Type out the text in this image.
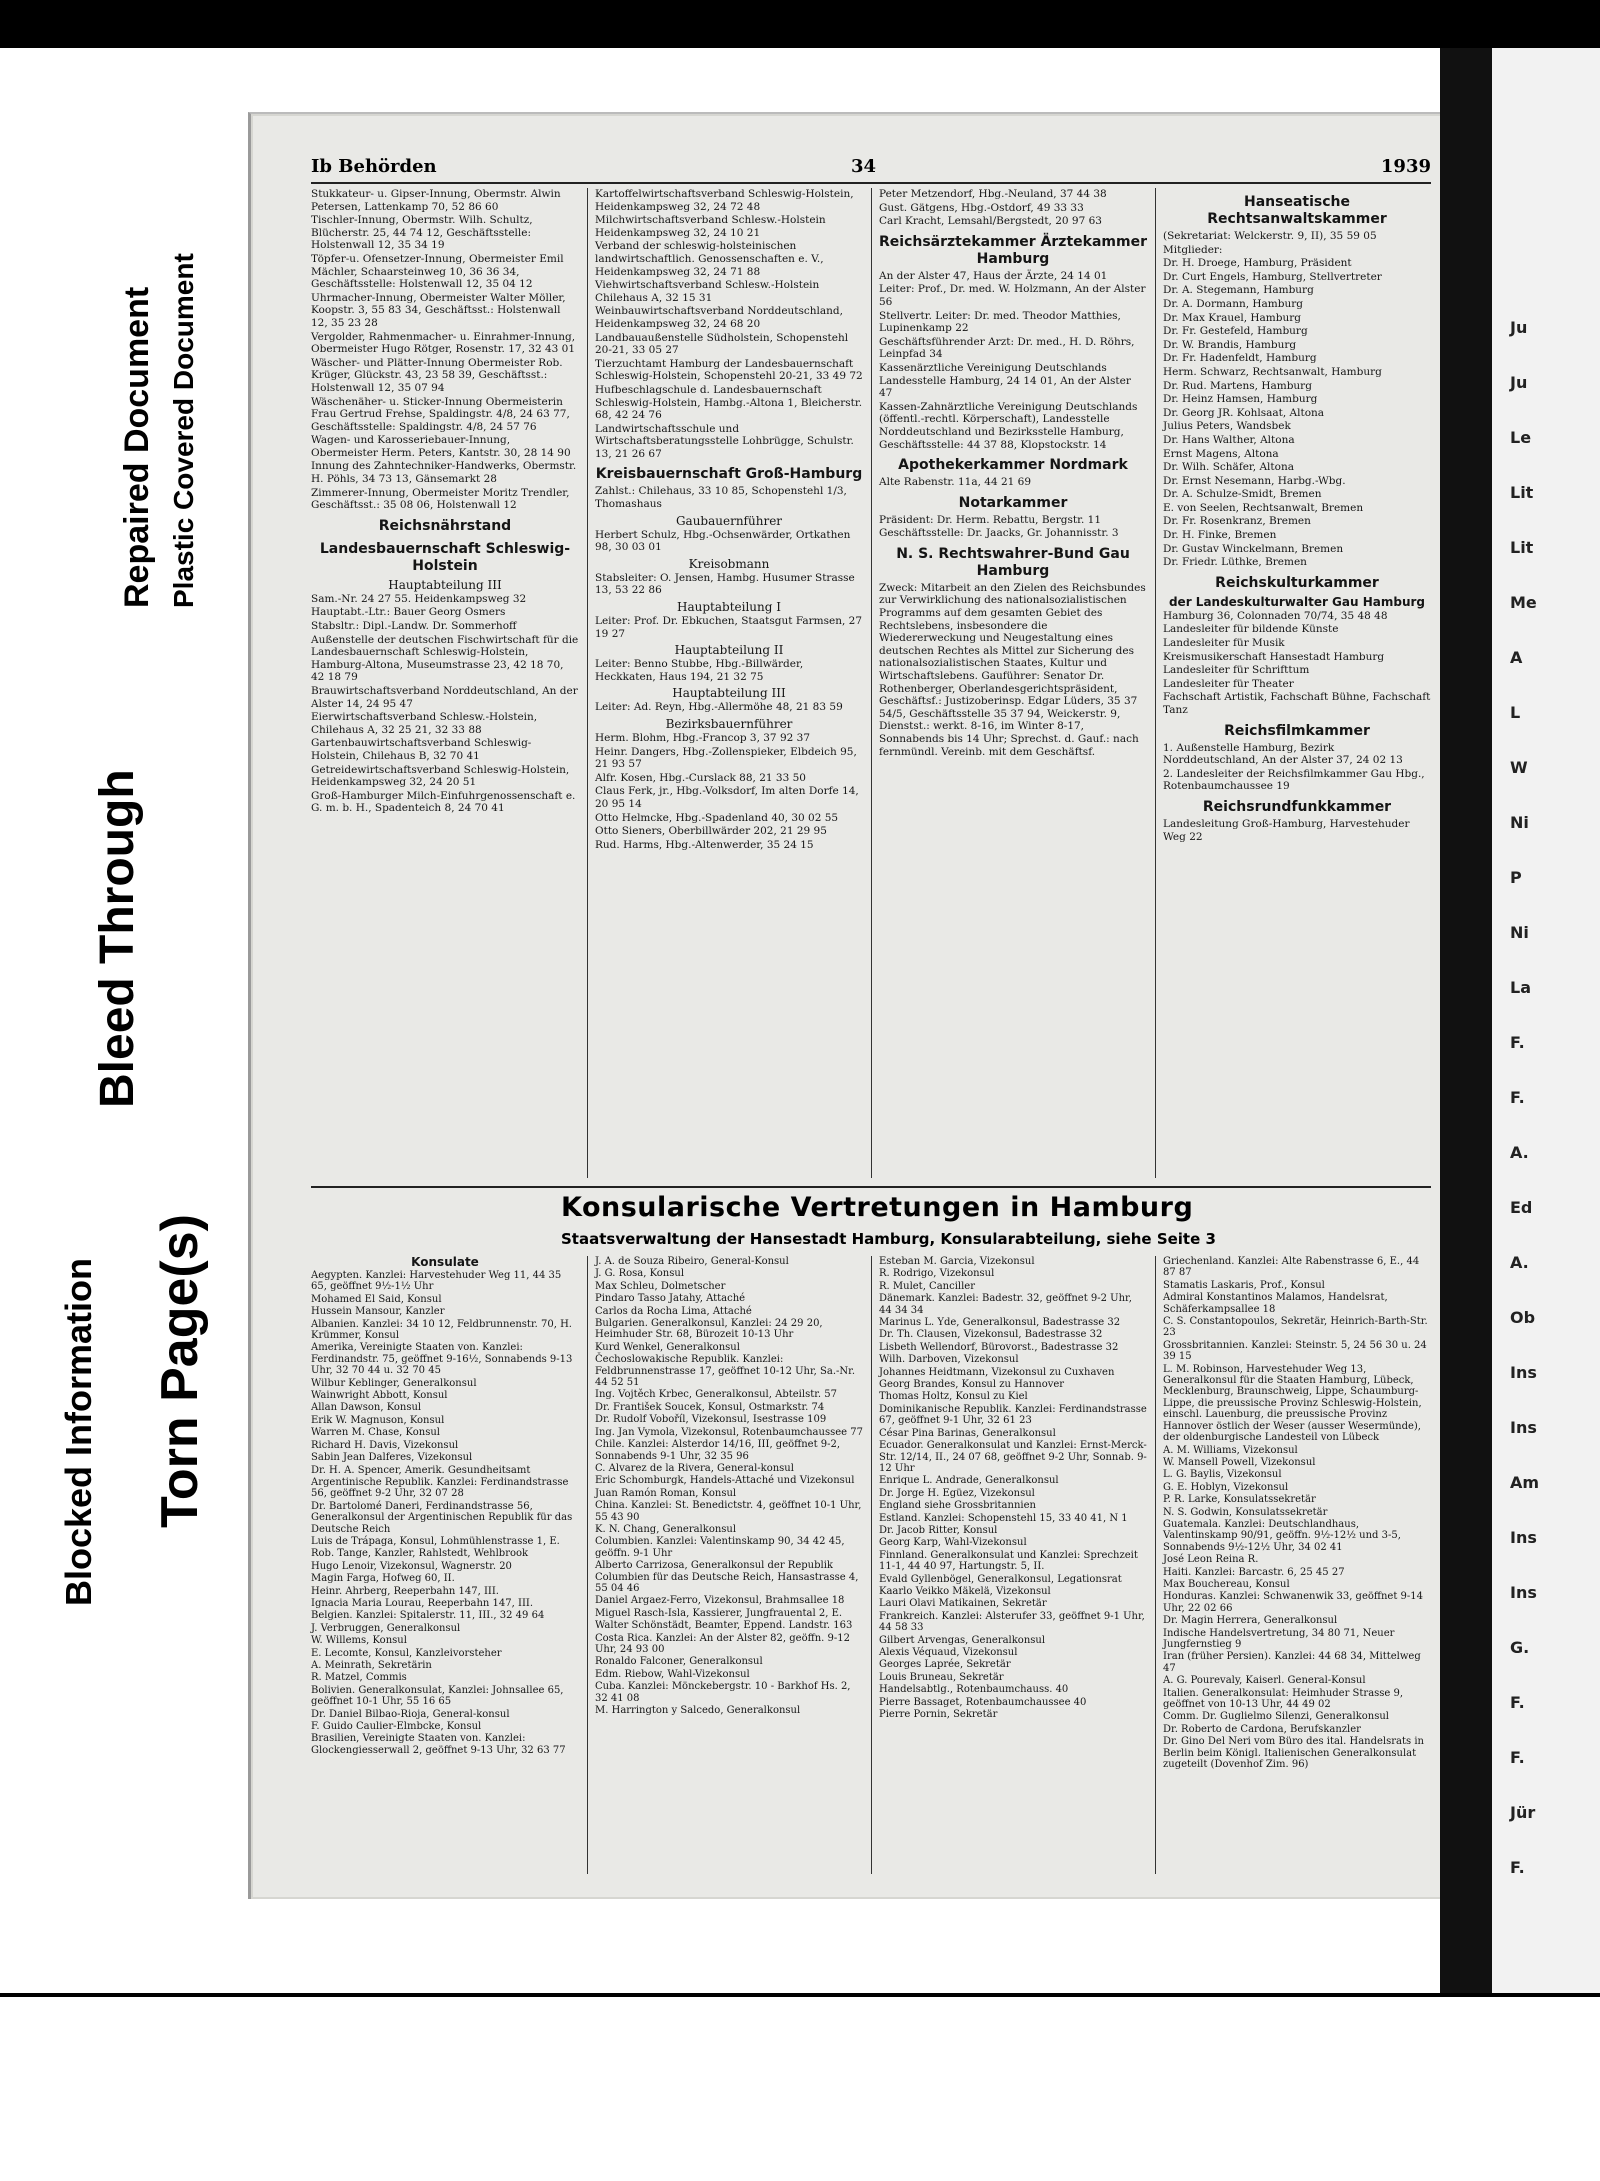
Repaired Document Plastic Covered Document
Bleed Through
Blocked Information Torn Page(s)
Ib Behörden	34	1939

Stukkateur- u. Gipser-Innung, Obermstr. Alwin Petersen, Lattenkamp 70, 52 86 60

Tischler-Innung, Obermstr. Wilh. Schultz, Blücherstr. 25, 44 74 12, Geschäftsstelle: Holstenwall 12, 35 34 19

Töpfer-u. Ofensetzer-Innung, Obermeister Emil Mächler, Schaarsteinweg 10, 36 36 34, Geschäftsstelle: Holstenwall 12, 35 04 12

Uhrmacher-Innung, Obermeister Walter Möller, Koopstr. 3, 55 83 34, Geschäftsst.: Holstenwall 12, 35 23 28

Vergolder, Rahmenmacher- u. Einrahmer-Innung, Obermeister Hugo Rötger, Rosenstr. 17, 32 43 01

Wäscher- und Plätter-Innung Obermeister Rob. Krüger, Glückstr. 43, 23 58 39, Geschäftsst.: Holstenwall 12, 35 07 94

Wäschenäher- u. Sticker-Innung Obermeisterin Frau Gertrud Frehse, Spaldingstr. 4/8, 24 63 77, Geschäftsstelle: Spaldingstr. 4/8, 24 57 76

Wagen- und Karosseriebauer-Innung, Obermeister Herm. Peters, Kantstr. 30, 28 14 90

Innung des Zahntechniker-Handwerks, Obermstr. H. Pöhls, 34 73 13, Gänsemarkt 28

Zimmerer-Innung, Obermeister Moritz Trendler, Geschäftsst.: 35 08 06, Holstenwall 12

Reichsnährstand
Landesbauernschaft Schleswig-Holstein
Hauptabteilung III

Sam.-Nr. 24 27 55. Heidenkampsweg 32

Hauptabt.-Ltr.: Bauer Georg Osmers

Stabsltr.: Dipl.-Landw. Dr. Sommerhoff

Außenstelle der deutschen Fischwirtschaft für die Landesbauernschaft Schleswig-Holstein, Hamburg-Altona, Museumstrasse 23, 42 18 70, 42 18 79

Brauwirtschaftsverband Norddeutschland, An der Alster 14, 24 95 47

Eierwirtschaftsverband Schlesw.-Holstein, Chilehaus A, 32 25 21, 32 33 88

Gartenbauwirtschaftsverband Schleswig-Holstein, Chilehaus B, 32 70 41

Getreidewirtschaftsverband Schleswig-Holstein, Heidenkampsweg 32, 24 20 51

Groß-Hamburger Milch-Einfuhrgenossenschaft e. G. m. b. H., Spadenteich 8, 24 70 41

Kartoffelwirtschaftsverband Schleswig-Holstein, Heidenkampsweg 32, 24 72 48

Milchwirtschaftsverband Schlesw.-Holstein Heidenkampsweg 32, 24 10 21

Verband der schleswig-holsteinischen landwirtschaftlich. Genossenschaften e. V., Heidenkampsweg 32, 24 71 88

Viehwirtschaftsverband Schlesw.-Holstein Chilehaus A, 32 15 31

Weinbauwirtschaftsverband Norddeutschland, Heidenkampsweg 32, 24 68 20

Landbauaußenstelle Südholstein, Schopenstehl 20-21, 33 05 27

Tierzuchtamt Hamburg der Landesbauernschaft Schleswig-Holstein, Schopenstehl 20-21, 33 49 72

Hufbeschlagschule d. Landesbauernschaft Schleswig-Holstein, Hambg.-Altona 1, Bleicherstr. 68, 42 24 76

Landwirtschaftsschule und Wirtschaftsberatungsstelle Lohbrügge, Schulstr. 13, 21 26 67

Kreisbauernschaft Groß-Hamburg

Zahlst.: Chilehaus, 33 10 85, Schopenstehl 1/3, Thomashaus

Gaubauernführer

Herbert Schulz, Hbg.-Ochsenwärder, Ortkathen 98, 30 03 01

Kreisobmann

Stabsleiter: O. Jensen, Hambg. Husumer Strasse 13, 53 22 86

Hauptabteilung I

Leiter: Prof. Dr. Ebkuchen, Staatsgut Farmsen, 27 19 27

Hauptabteilung II

Leiter: Benno Stubbe, Hbg.-Billwärder, Heckkaten, Haus 194, 21 32 75

Hauptabteilung III

Leiter: Ad. Reyn, Hbg.-Allermöhe 48, 21 83 59

Bezirksbauernführer

Herm. Blohm, Hbg.-Francop 3, 37 92 37

Heinr. Dangers, Hbg.-Zollenspieker, Elbdeich 95, 21 93 57

Alfr. Kosen, Hbg.-Curslack 88, 21 33 50

Claus Ferk, jr., Hbg.-Volksdorf, Im alten Dorfe 14, 20 95 14

Otto Helmcke, Hbg.-Spadenland 40, 30 02 55

Otto Sieners, Oberbillwärder 202, 21 29 95

Rud. Harms, Hbg.-Altenwerder, 35 24 15

Peter Metzendorf, Hbg.-Neuland, 37 44 38

Gust. Gätgens, Hbg.-Ostdorf, 49 33 33

Carl Kracht, Lemsahl/Bergstedt, 20 97 63

Reichsärztekammer Ärztekammer Hamburg

An der Alster 47, Haus der Ärzte, 24 14 01

Leiter: Prof., Dr. med. W. Holzmann, An der Alster 56

Stellvertr. Leiter: Dr. med. Theodor Matthies, Lupinenkamp 22

Geschäftsführender Arzt: Dr. med., H. D. Röhrs, Leinpfad 34

Kassenärztliche Vereinigung Deutschlands Landesstelle Hamburg, 24 14 01, An der Alster 47

Kassen-Zahnärztliche Vereinigung Deutschlands (öffentl.-rechtl. Körperschaft), Landesstelle Norddeutschland und Bezirksstelle Hamburg, Geschäftsstelle: 44 37 88, Klopstockstr. 14

Apothekerkammer Nordmark

Alte Rabenstr. 11a, 44 21 69

Notarkammer

Präsident: Dr. Herm. Rebattu, Bergstr. 11

Geschäftsstelle: Dr. Jaacks, Gr. Johannisstr. 3

N. S. Rechtswahrer-Bund Gau Hamburg

Zweck: Mitarbeit an den Zielen des Reichsbundes zur Verwirklichung des nationalsozialistischen Programms auf dem gesamten Gebiet des Rechtslebens, insbesondere die Wiedererweckung und Neugestaltung eines deutschen Rechtes als Mittel zur Sicherung des nationalsozialistischen Staates, Kultur und Wirtschaftslebens. Gauführer: Senator Dr. Rothenberger, Oberlandesgerichtspräsident, Geschäftsf.: Justizoberinsp. Edgar Lüders, 35 37 54/5, Geschäftsstelle 35 37 94, Weickerstr. 9, Dienstst.: werkt. 8-16, im Winter 8-17, Sonnabends bis 14 Uhr; Sprechst. d. Gauf.: nach fernmündl. Vereinb. mit dem Geschäftsf.

Hanseatische Rechtsanwaltskammer

(Sekretariat: Welckerstr. 9, II), 35 59 05

Mitglieder:

Dr. H. Droege, Hamburg, Präsident

Dr. Curt Engels, Hamburg, Stellvertreter

Dr. A. Stegemann, Hamburg

Dr. A. Dormann, Hamburg

Dr. Max Krauel, Hamburg

Dr. Fr. Gestefeld, Hamburg

Dr. W. Brandis, Hamburg

Dr. Fr. Hadenfeldt, Hamburg

Herm. Schwarz, Rechtsanwalt, Hamburg

Dr. Rud. Martens, Hamburg

Dr. Heinz Hamsen, Hamburg

Dr. Georg JR. Kohlsaat, Altona

Julius Peters, Wandsbek

Dr. Hans Walther, Altona

Ernst Magens, Altona

Dr. Wilh. Schäfer, Altona

Dr. Ernst Nesemann, Harbg.-Wbg.

Dr. A. Schulze-Smidt, Bremen

E. von Seelen, Rechtsanwalt, Bremen

Dr. Fr. Rosenkranz, Bremen

Dr. H. Finke, Bremen

Dr. Gustav Winckelmann, Bremen

Dr. Friedr. Lüthke, Bremen

Reichskulturkammer
der Landeskulturwalter Gau Hamburg

Hamburg 36, Colonnaden 70/74, 35 48 48

Landesleiter für bildende Künste

Landesleiter für Musik

Kreismusikerschaft Hansestadt Hamburg

Landesleiter für Schrifttum

Landesleiter für Theater

Fachschaft Artistik, Fachschaft Bühne, Fachschaft Tanz

Reichsfilmkammer

1. Außenstelle Hamburg, Bezirk Norddeutschland, An der Alster 37, 24 02 13

2. Landesleiter der Reichsfilmkammer Gau Hbg., Rotenbaumchaussee 19

Reichsrundfunkkammer

Landesleitung Groß-Hamburg, Harvestehuder Weg 22

Konsularische Vertretungen in Hamburg
Staatsverwaltung der Hansestadt Hamburg, Konsularabteilung, siehe Seite 3
Konsulate

Aegypten. Kanzlei: Harvestehuder Weg 11, 44 35 65, geöffnet 9½-1½ Uhr

Mohamed El Said, Konsul

Hussein Mansour, Kanzler

Albanien. Kanzlei: 34 10 12, Feldbrunnenstr. 70, H. Krümmer, Konsul

Amerika, Vereinigte Staaten von. Kanzlei: Ferdinandstr. 75, geöffnet 9-16½, Sonnabends 9-13 Uhr, 32 70 44 u. 32 70 45

Wilbur Keblinger, Generalkonsul

Wainwright Abbott, Konsul

Allan Dawson, Konsul

Erik W. Magnuson, Konsul

Warren M. Chase, Konsul

Richard H. Davis, Vizekonsul

Sabin Jean Dalferes, Vizekonsul

Dr. H. A. Spencer, Amerik. Gesundheitsamt

Argentinische Republik. Kanzlei: Ferdinandstrasse 56, geöffnet 9-2 Uhr, 32 07 28

Dr. Bartolomé Daneri, Ferdinandstrasse 56, Generalkonsul der Argentinischen Republik für das Deutsche Reich

Luis de Trápaga, Konsul, Lohmühlenstrasse 1, E.

Rob. Tange, Kanzler, Rahlstedt, Wehlbrook

Hugo Lenoir, Vizekonsul, Wagnerstr. 20

Magin Farga, Hofweg 60, II.

Heinr. Ahrberg, Reeperbahn 147, III.

Ignacia Maria Lourau, Reeperbahn 147, III.

Belgien. Kanzlei: Spitalerstr. 11, III., 32 49 64

J. Verbruggen, Generalkonsul

W. Willems, Konsul

E. Lecomte, Konsul, Kanzleivorsteher

A. Meinrath, Sekretärin

R. Matzel, Commis

Bolivien. Generalkonsulat, Kanzlei: Johnsallee 65, geöffnet 10-1 Uhr, 55 16 65

Dr. Daniel Bilbao-Rioja, General-konsul

F. Guido Caulier-Elmbcke, Konsul

Brasilien, Vereinigte Staaten von. Kanzlei: Glockengiesserwall 2, geöffnet 9-13 Uhr, 32 63 77

J. A. de Souza Ribeiro, General-Konsul

J. G. Rosa, Konsul

Max Schleu, Dolmetscher

Pindaro Tasso Jatahy, Attaché

Carlos da Rocha Lima, Attaché

Bulgarien. Generalkonsul, Kanzlei: 24 29 20, Heimhuder Str. 68, Bürozeit 10-13 Uhr

Kurd Wenkel, Generalkonsul

Čechoslowakische Republik. Kanzlei: Feldbrunnenstrasse 17, geöffnet 10-12 Uhr, Sa.-Nr. 44 52 51

Ing. Vojtěch Krbec, Generalkonsul, Abteilstr. 57

Dr. František Soucek, Konsul, Ostmarkstr. 74

Dr. Rudolf Voboříl, Vizekonsul, Isestrasse 109

Ing. Jan Vymola, Vizekonsul, Rotenbaumchaussee 77

Chile. Kanzlei: Alsterdor 14/16, III, geöffnet 9-2, Sonnabends 9-1 Uhr, 32 35 96

C. Alvarez de la Rivera, General-konsul

Eric Schomburgk, Handels-Attaché und Vizekonsul

Juan Ramón Roman, Konsul

China. Kanzlei: St. Benedictstr. 4, geöffnet 10-1 Uhr, 55 43 90

K. N. Chang, Generalkonsul

Columbien. Kanzlei: Valentinskamp 90, 34 42 45, geöffn. 9-1 Uhr

Alberto Carrizosa, Generalkonsul der Republik Columbien für das Deutsche Reich, Hansastrasse 4, 55 04 46

Daniel Argaez-Ferro, Vizekonsul, Brahmsallee 18

Miguel Rasch-Isla, Kassierer, Jungfrauental 2, E.

Walter Schönstädt, Beamter, Eppend. Landstr. 163

Costa Rica. Kanzlei: An der Alster 82, geöffn. 9-12 Uhr, 24 93 00

Ronaldo Falconer, Generalkonsul

Edm. Riebow, Wahl-Vizekonsul

Cuba. Kanzlei: Mönckebergstr. 10 - Barkhof Hs. 2, 32 41 08

M. Harrington y Salcedo, Generalkonsul

Esteban M. Garcia, Vizekonsul

R. Rodrigo, Vizekonsul

R. Mulet, Canciller

Dänemark. Kanzlei: Badestr. 32, geöffnet 9-2 Uhr, 44 34 34

Marinus L. Yde, Generalkonsul, Badestrasse 32

Dr. Th. Clausen, Vizekonsul, Badestrasse 32

Lisbeth Wellendorf, Bürovorst., Badestrasse 32

Wilh. Darboven, Vizekonsul

Johannes Heidtmann, Vizekonsul zu Cuxhaven

Georg Brandes, Konsul zu Hannover

Thomas Holtz, Konsul zu Kiel

Dominikanische Republik. Kanzlei: Ferdinandstrasse 67, geöffnet 9-1 Uhr, 32 61 23

César Pina Barinas, Generalkonsul

Ecuador. Generalkonsulat und Kanzlei: Ernst-Merck-Str. 12/14, II., 24 07 68, geöffnet 9-2 Uhr, Sonnab. 9-12 Uhr

Enrique L. Andrade, Generalkonsul

Dr. Jorge H. Egüez, Vizekonsul

England siehe Grossbritannien

Estland. Kanzlei: Schopenstehl 15, 33 40 41, N 1

Dr. Jacob Ritter, Konsul

Georg Karp, Wahl-Vizekonsul

Finnland. Generalkonsulat und Kanzlei: Sprechzeit 11-1, 44 40 97, Hartungstr. 5, II.

Evald Gyllenbögel, Generalkonsul, Legationsrat

Kaarlo Veikko Mäkelä, Vizekonsul

Lauri Olavi Matikainen, Sekretär

Frankreich. Kanzlei: Alsterufer 33, geöffnet 9-1 Uhr, 44 58 33

Gilbert Arvengas, Generalkonsul

Alexis Véquaud, Vizekonsul

Georges Laprée, Sekretär

Louis Bruneau, Sekretär

Handelsabtlg., Rotenbaumchauss. 40

Pierre Bassaget, Rotenbaumchaussee 40

Pierre Pornin, Sekretär

Griechenland. Kanzlei: Alte Rabenstrasse 6, E., 44 87 87

Stamatis Laskaris, Prof., Konsul

Admiral Konstantinos Malamos, Handelsrat, Schäferkampsallee 18

C. S. Constantopoulos, Sekretär, Heinrich-Barth-Str. 23

Grossbritannien. Kanzlei: Steinstr. 5, 24 56 30 u. 24 39 15

L. M. Robinson, Harvestehuder Weg 13, Generalkonsul für die Staaten Hamburg, Lübeck, Mecklenburg, Braunschweig, Lippe, Schaumburg-Lippe, die preussische Provinz Schleswig-Holstein, einschl. Lauenburg, die preussische Provinz Hannover östlich der Weser (ausser Wesermünde), der oldenburgische Landesteil von Lübeck

A. M. Williams, Vizekonsul

W. Mansell Powell, Vizekonsul

L. G. Baylis, Vizekonsul

G. E. Hoblyn, Vizekonsul

P. R. Larke, Konsulatssekretär

N. S. Godwin, Konsulatssekretär

Guatemala. Kanzlei: Deutschlandhaus, Valentinskamp 90/91, geöffn. 9½-12½ und 3-5, Sonnabends 9½-12½ Uhr, 34 02 41

José Leon Reina R.

Haiti. Kanzlei: Barcastr. 6, 25 45 27

Max Bouchereau, Konsul

Honduras. Kanzlei: Schwanenwik 33, geöffnet 9-14 Uhr, 22 02 66

Dr. Magin Herrera, Generalkonsul

Indische Handelsvertretung, 34 80 71, Neuer Jungfernstieg 9

Iran (früher Persien). Kanzlei: 44 68 34, Mittelweg 47

A. G. Pourevaly, Kaiserl. General-Konsul

Italien. Generalkonsulat: Heimhuder Strasse 9, geöffnet von 10-13 Uhr, 44 49 02

Comm. Dr. Guglielmo Silenzi, Generalkonsul

Dr. Roberto de Cardona, Berufskanzler

Dr. Gino Del Neri vom Büro des ital. Handelsrats in Berlin beim Königl. Italienischen Generalkonsulat zugeteilt (Dovenhof Zim. 96)

Ju
Ju
Le
Lit
Lit
Me
A
L
W
Ni
P
Ni
La
F.
F.
A.
Ed
A.
Ob
Ins
Ins
Am
Ins
Ins
G.
F.
F.
Jür
F.
